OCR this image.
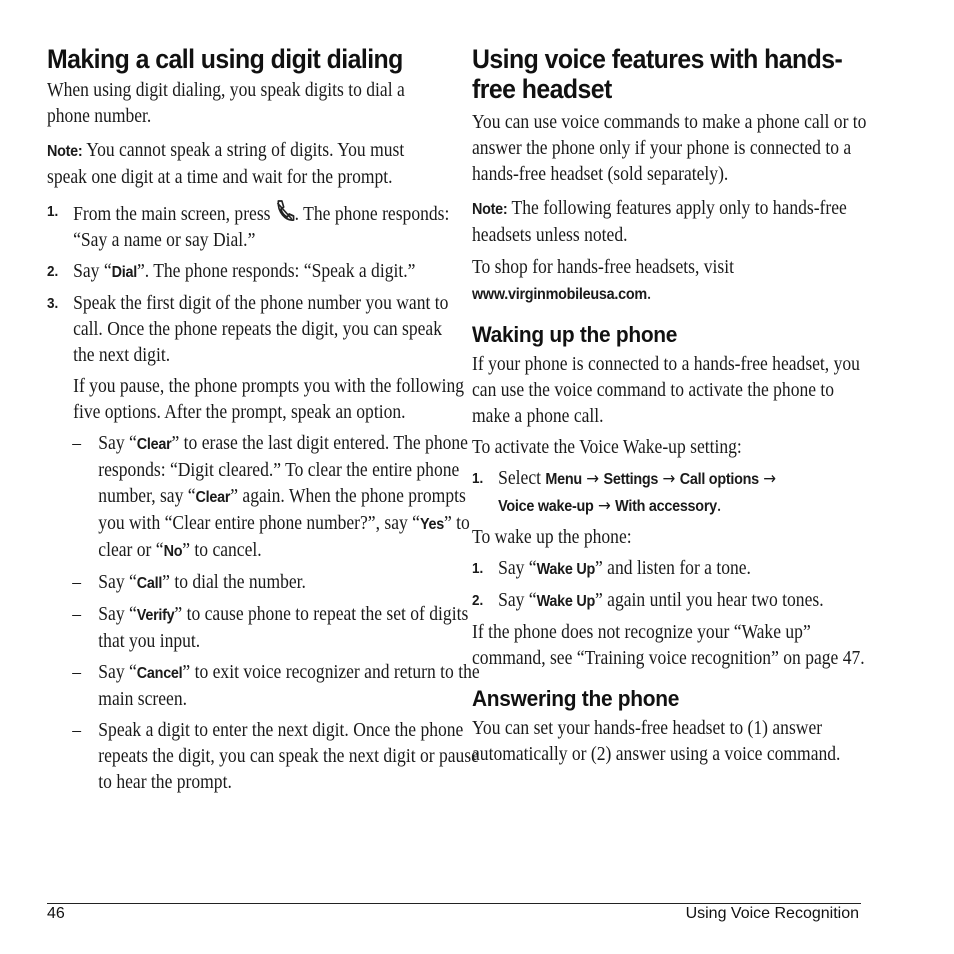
Making a call using digit dialing

When using digit dialing, you speak digits to dial a phone number.

Note: You cannot speak a string of digits. You must speak one digit at a time and wait for the prompt.

1. From the main screen, press . The phone responds: “Say a name or say Dial.”
2. Say “Dial”. The phone responds: “Speak a digit.”
3. Speak the first digit of the phone number you want to call. Once the phone repeats the digit, you can speak the next digit.

If you pause, the phone prompts you with the following five options. After the prompt, speak an option.

– Say “Clear” to erase the last digit entered. The phone responds: “Digit cleared.” To clear the entire phone number, say “Clear” again. When the phone prompts you with “Clear entire phone number?”, say “Yes” to clear or “No” to cancel.
– Say “Call” to dial the number.
– Say “Verify” to cause phone to repeat the set of digits that you input.
– Say “Cancel” to exit voice recognizer and return to the main screen.
– Speak a digit to enter the next digit. Once the phone repeats the digit, you can speak the next digit or pause to hear the prompt.
Using voice features with hands-free headset

You can use voice commands to make a phone call or to answer the phone only if your phone is connected to a hands-free headset (sold separately).

Note: The following features apply only to hands-free headsets unless noted.

To shop for hands-free headsets, visit
www.virginmobileusa.com.

Waking up the phone

If your phone is connected to a hands-free headset, you can use the voice command to activate the phone to make a phone call.

To activate the Voice Wake-up setting:

1. Select Menu → Settings → Call options →
Voice wake-up → With accessory.

To wake up the phone:

1. Say “Wake Up” and listen for a tone.
2. Say “Wake Up” again until you hear two tones.

If the phone does not recognize your “Wake up” command, see “Training voice recognition” on page 47.

Answering the phone

You can set your hands-free headset to (1) answer automatically or (2) answer using a voice command.

46	Using Voice Recognition
